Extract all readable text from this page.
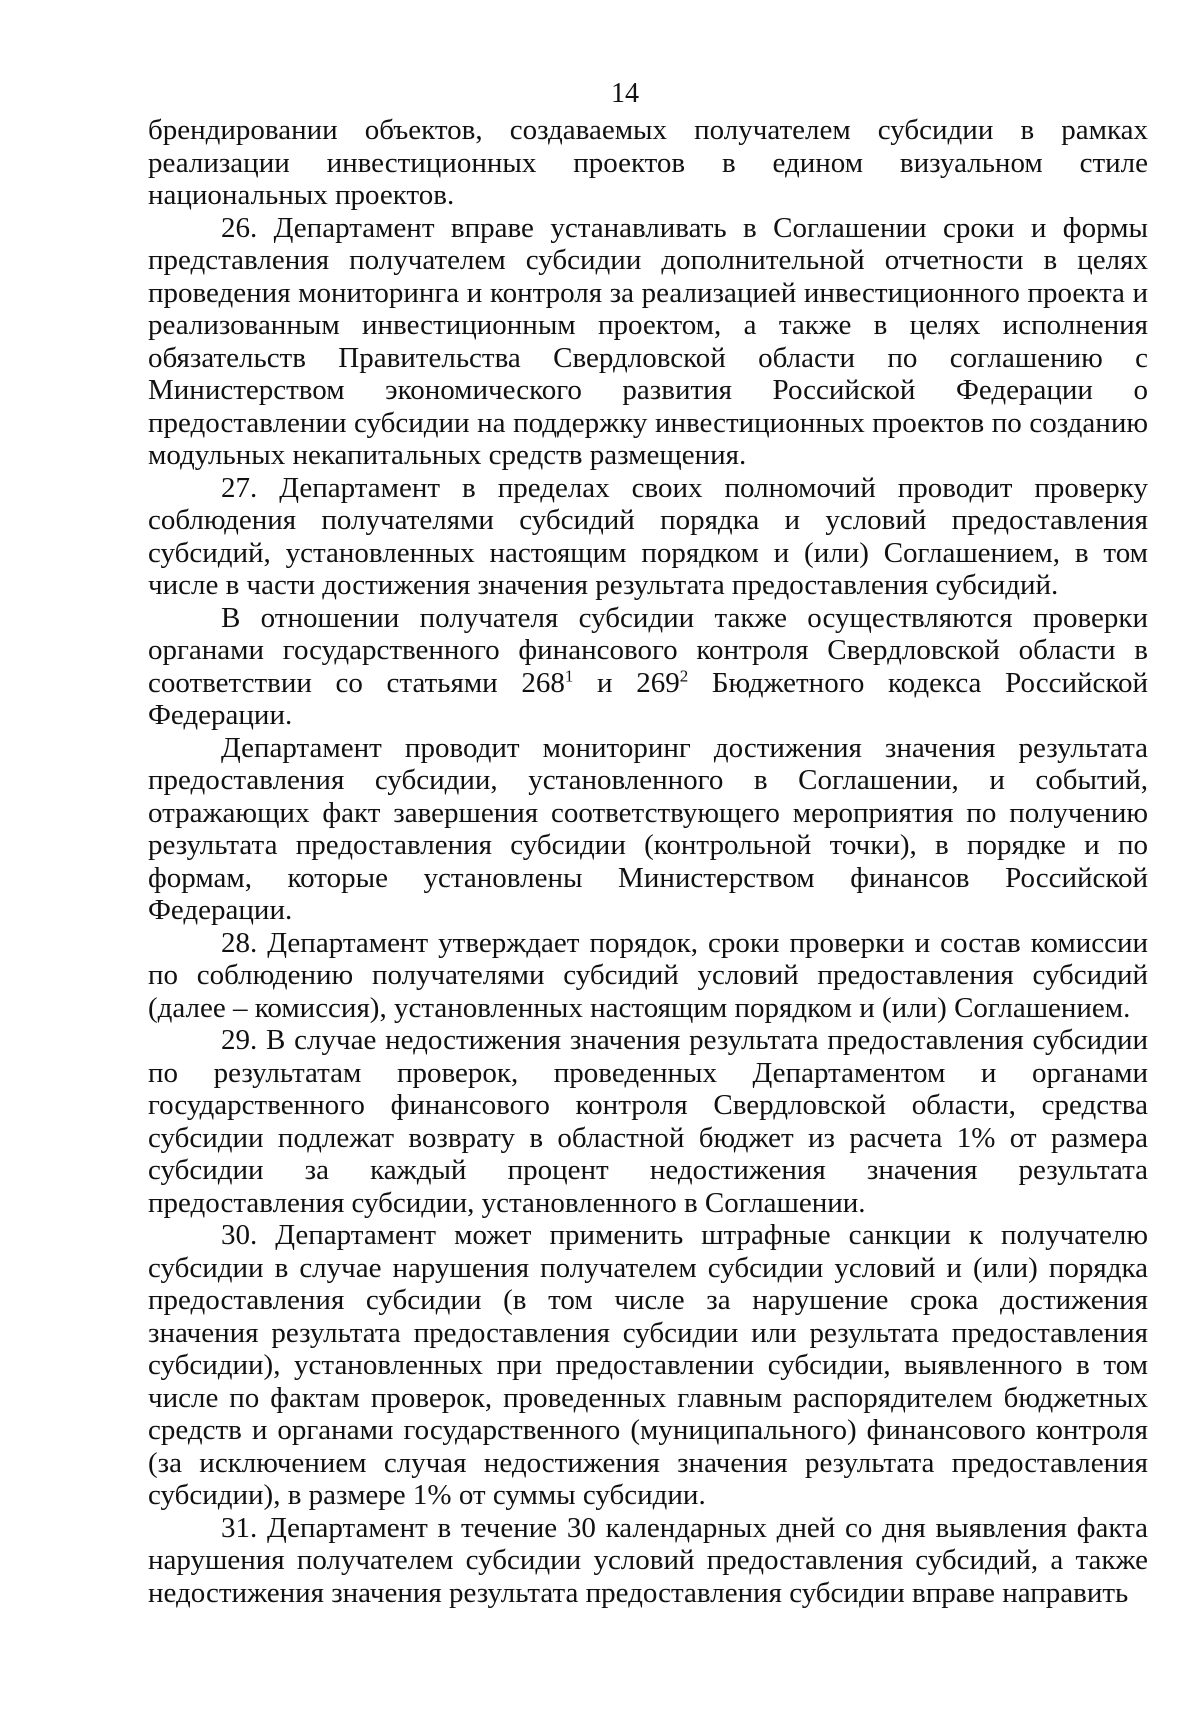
14

брендировании объектов, создаваемых получателем субсидии в рамках реализации инвестиционных проектов в едином визуальном стиле национальных проектов.

26. Департамент вправе устанавливать в Соглашении сроки и формы представления получателем субсидии дополнительной отчетности в целях проведения мониторинга и контроля за реализацией инвестиционного проекта и реализованным инвестиционным проектом, а также в целях исполнения обязательств Правительства Свердловской области по соглашению с Министерством экономического развития Российской Федерации о предоставлении субсидии на поддержку инвестиционных проектов по созданию модульных некапитальных средств размещения.

27. Департамент в пределах своих полномочий проводит проверку соблюдения получателями субсидий порядка и условий предоставления субсидий, установленных настоящим порядком и (или) Соглашением, в том числе в части достижения значения результата предоставления субсидий.

В отношении получателя субсидии также осуществляются проверки органами государственного финансового контроля Свердловской области в соответствии со статьями $268^1$ и $269^2$ Бюджетного кодекса Российской Федерации.

Департамент проводит мониторинг достижения значения результата предоставления субсидии, установленного в Соглашении, и событий, отражающих факт завершения соответствующего мероприятия по получению результата предоставления субсидии (контрольной точки), в порядке и по формам, которые установлены Министерством финансов Российской Федерации.

28. Департамент утверждает порядок, сроки проверки и состав комиссии по соблюдению получателями субсидий условий предоставления субсидий (далее – комиссия), установленных настоящим порядком и (или) Соглашением.

29. В случае недостижения значения результата предоставления субсидии по результатам проверок, проведенных Департаментом и органами государственного финансового контроля Свердловской области, средства субсидии подлежат возврату в областной бюджет из расчета 1% от размера субсидии за каждый процент недостижения значения результата предоставления субсидии, установленного в Соглашении.

30. Департамент может применить штрафные санкции к получателю субсидии в случае нарушения получателем субсидии условий и (или) порядка предоставления субсидии (в том числе за нарушение срока достижения значения результата предоставления субсидии или результата предоставления субсидии), установленных при предоставлении субсидии, выявленного в том числе по фактам проверок, проведенных главным распорядителем бюджетных средств и органами государственного (муниципального) финансового контроля (за исключением случая недостижения значения результата предоставления субсидии), в размере 1% от суммы субсидии.

31. Департамент в течение 30 календарных дней со дня выявления факта нарушения получателем субсидии условий предоставления субсидий, а также недостижения значения результата предоставления субсидии вправе направить
